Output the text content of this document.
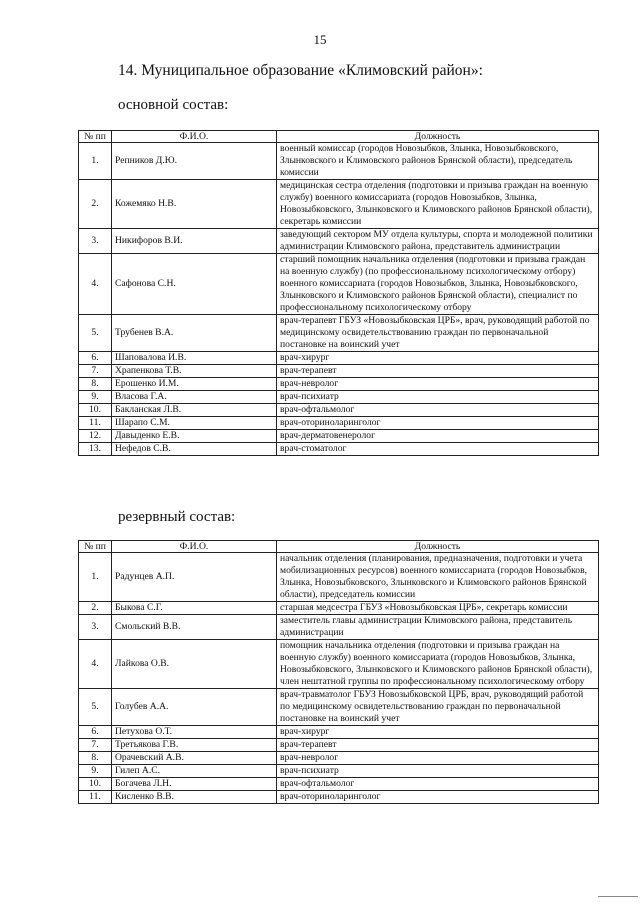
15
14. Муниципальное образование «Климовский район»:
основной состав:
№ пп	Ф.И.О.	Должность
1.	Репников Д.Ю.	военный комиссар (городов Новозыбков, Злынка, Новозыбковского, Злынковского и Климовского районов Брянской области), председатель комиссии
2.	Кожемяко Н.В.	медицинская сестра отделения (подготовки и призыва граждан на военную службу) военного комиссариата (городов Новозыбков, Злынка, Новозыбковского, Злынковского и Климовского районов Брянской области), секретарь комиссии
3.	Никифоров В.И.	заведующий сектором МУ отдела культуры, спорта и молодежной политики администрации Климовского района, представитель администрации
4.	Сафонова С.Н.	старший помощник начальника отделения (подготовки и призыва граждан на военную службу) (по профессиональному психологическому отбору) военного комиссариата (городов Новозыбков, Злынка, Новозыбковского, Злынковского и Климовского районов Брянской области), специалист по профессиональному психологическому отбору
5.	Трубенев В.А.	врач-терапевт ГБУЗ «Новозыбковская ЦРБ», врач, руководящий работой по медицинскому освидетельствованию граждан по первоначальной постановке на воинский учет
6.	Шаповалова И.В.	врач-хирург
7.	Храпенкова Т.В.	врач-терапевт
8.	Ерошенко И.М.	врач-невролог
9.	Власова Г.А.	врач-психиатр
10.	Бакланская Л.В.	врач-офтальмолог
11.	Шарапо С.М.	врач-оториноларинголог
12.	Давыденко Е.В.	врач-дерматовенеролог
13.	Нефедов С.В.	врач-стоматолог
резервный состав:
№ пп	Ф.И.О.	Должность
1.	Радунцев А.П.	начальник отделения (планирования, предназначения, подготовки и учета мобилизационных ресурсов) военного комиссариата (городов Новозыбков, Злынка, Новозыбковского, Злынковского и Климовского районов Брянской области), председатель комиссии
2.	Быкова С.Г.	старшая медсестра ГБУЗ «Новозыбковская ЦРБ», секретарь комиссии
3.	Смольский В.В.	заместитель главы администрации Климовского района, представитель администрации
4.	Лайкова О.В.	помощник начальника отделения (подготовки и призыва граждан на военную службу) военного комиссариата (городов Новозыбков, Злынка, Новозыбковского, Злынковского и Климовского районов Брянской области), член нештатной группы по профессиональному психологическому отбору
5.	Голубев А.А.	врач-травматолог ГБУЗ Новозыбковской ЦРБ, врач, руководящий работой по медицинскому освидетельствованию граждан по первоначальной постановке на воинский учет
6.	Петухова О.Т.	врач-хирург
7.	Третьякова Г.В.	врач-терапевт
8.	Орачевский А.В.	врач-невролог
9.	Гилеп А.С.	врач-психиатр
10.	Богачева Л.Н.	врач-офтальмолог
11.	Кисленко В.В.	врач-оториноларинголог
